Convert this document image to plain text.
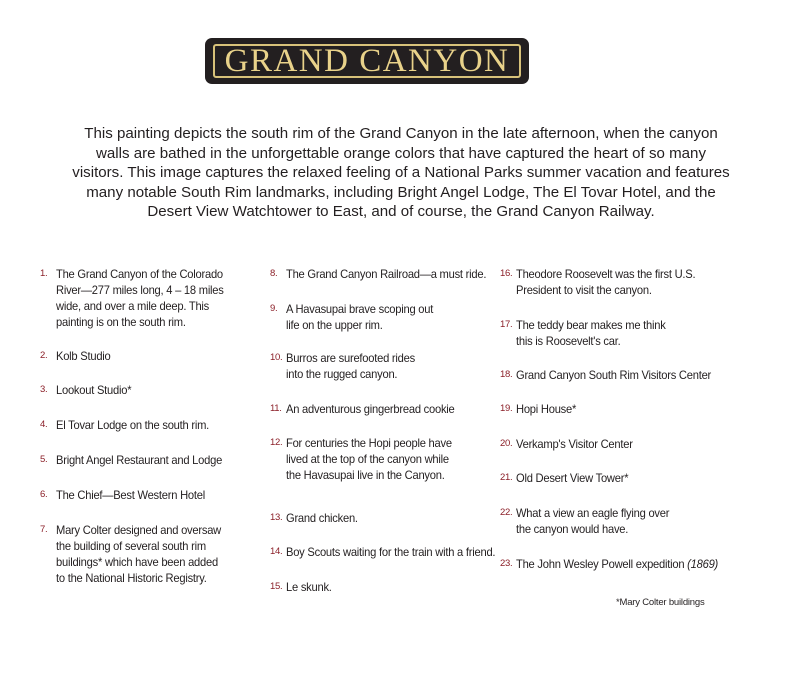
GRAND CANYON

This painting depicts the south rim of the Grand Canyon in the late afternoon, when the canyon walls are bathed in the unforgettable orange colors that have captured the heart of so many visitors. This image captures the relaxed feeling of a National Parks summer vacation and features many notable South Rim landmarks, including Bright Angel Lodge, The El Tovar Hotel, and the Desert View Watchtower to East, and of course, the Grand Canyon Railway.

1. The Grand Canyon of the Colorado
River—277 miles long, 4 – 18 miles
wide, and over a mile deep. This
painting is on the south rim.
2. Kolb Studio
3. Lookout Studio*
4. El Tovar Lodge on the south rim.
5. Bright Angel Restaurant and Lodge
6. The Chief—Best Western Hotel
7. Mary Colter designed and oversaw
the building of several south rim
buildings* which have been added
to the National Historic Registry.
8. The Grand Canyon Railroad—a must ride.
9. A Havasupai brave scoping out
life on the upper rim.
10. Burros are surefooted rides
into the rugged canyon.
11. An adventurous gingerbread cookie
12. For centuries the Hopi people have
lived at the top of the canyon while
the Havasupai live in the Canyon.
13. Grand chicken.
14. Boy Scouts waiting for the train with a friend.
15. Le skunk.
16. Theodore Roosevelt was the first U.S.
President to visit the canyon.
17. The teddy bear makes me think
this is Roosevelt's car.
18. Grand Canyon South Rim Visitors Center
19. Hopi House*
20. Verkamp's Visitor Center
21. Old Desert View Tower*
22. What a view an eagle flying over
the canyon would have.
23. The John Wesley Powell expedition (1869)
*Mary Colter buildings
